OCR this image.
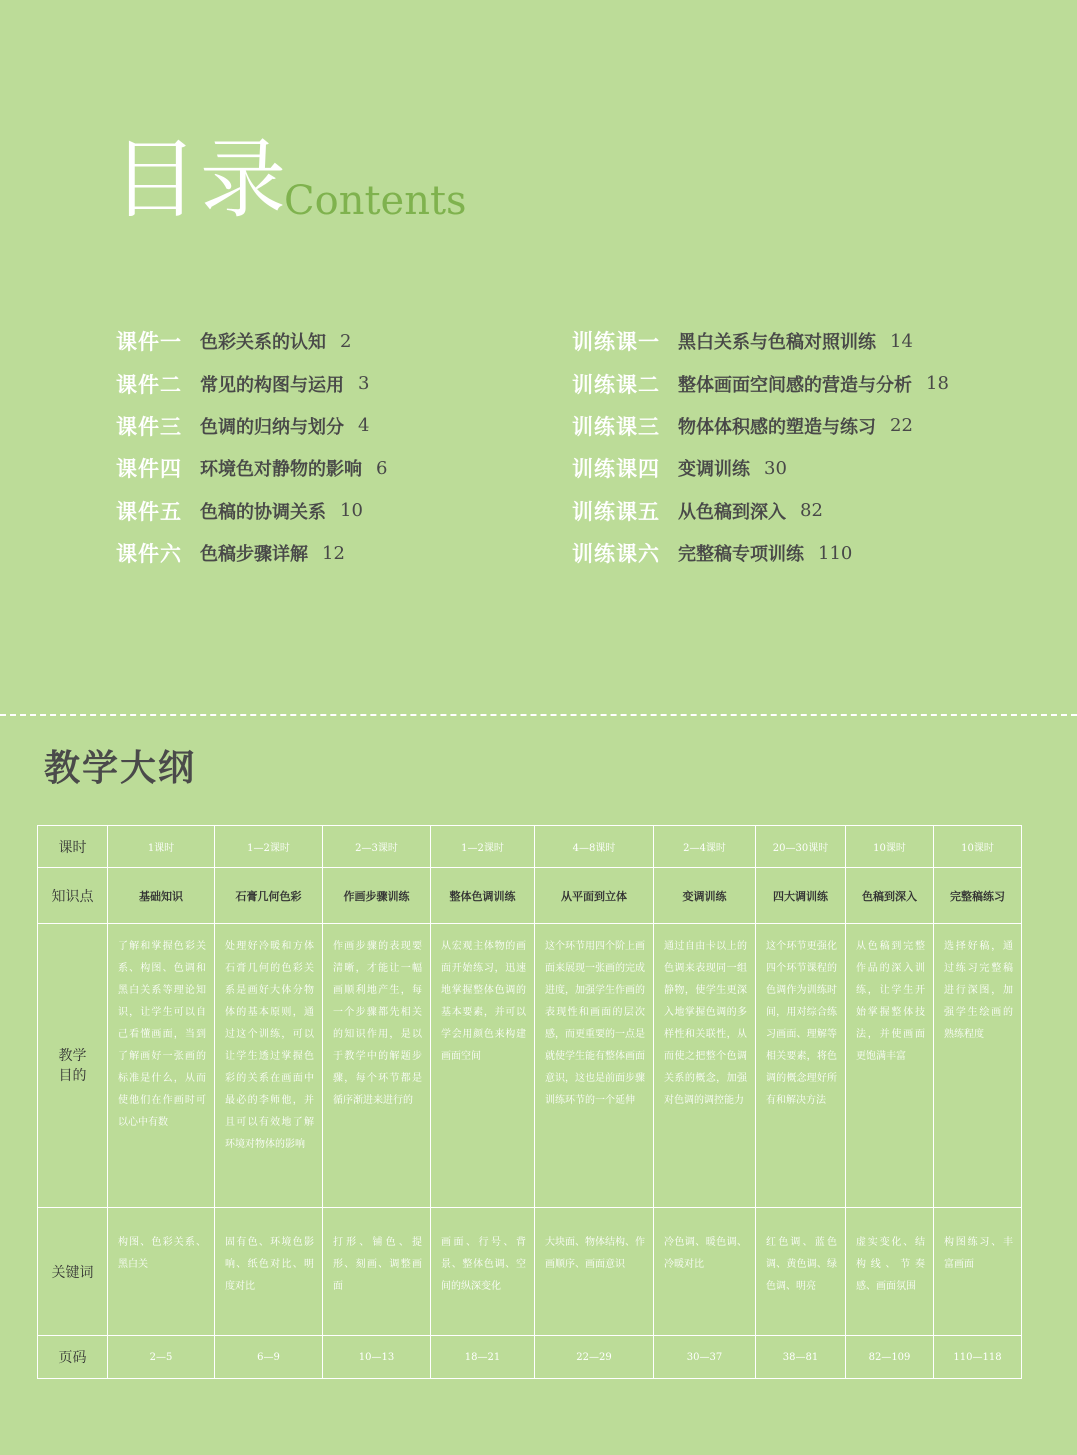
目录
Contents
课件一 色彩关系的认知 2
课件二 常见的构图与运用 3
课件三 色调的归纳与划分 4
课件四 环境色对静物的影响 6
课件五 色稿的协调关系 10
课件六 色稿步骤详解 12
训练课一 黑白关系与色稿对照训练 14
训练课二 整体画面空间感的营造与分析 18
训练课三 物体体积感的塑造与练习 22
训练课四 变调训练 30
训练课五 从色稿到深入 82
训练课六 完整稿专项训练 110
教学大纲
课时	1课时	1—2课时	2—3课时	1—2课时	4—8课时	2—4课时	20—30课时	10课时	10课时
知识点	基础知识	石膏几何色彩	作画步骤训练	整体色调训练	从平面到立体	变调训练	四大调训练	色稿到深入	完整稿练习

教学目的	了解和掌握色彩关系、构图、色调和黑白关系等理论知识，让学生可以自己看懂画面，当到了解画好一张画的标准是什么，从而使他们在作画时可以心中有数	处理好冷暖和方体石膏几何的色彩关系是画好大体分物体的基本原则，通过这个训练，可以让学生透过掌握色彩的关系在画面中最必的李师他，并且可以有效地了解环境对物体的影响	作画步骤的表现要清晰，才能让一幅画顺利地产生，每一个步骤都先相关的知识作用，是以于教学中的解题步骤，每个环节都是循序渐进来进行的	从宏观主体物的画面开始练习，迅速地掌握整体色调的基本要素，并可以学会用颜色来构建画面空间	这个环节用四个阶上画面来展现一张画的完成进度，加强学生作画的表现性和画面的层次感，而更重要的一点是就使学生能有整体画面意识，这也是前面步骤训练环节的一个延伸	通过自由卡以上的色调来表现同一组静物，使学生更深入地掌握色调的多样性和关联性，从而使之把整个色调关系的概念，加强对色调的调控能力	这个环节更强化四个环节课程的色调作为训练时间，用对综合练习画面、理解等相关要素，将色调的概念理好所有和解决方法	从色稿到完整作品的深入训练，让学生开始掌握整体技法，并使画面更饱满丰富	选择好稿，通过练习完整稿进行深图，加强学生绘画的熟练程度
关键词	构图、色彩关系、黑白关	固有色、环境色影响、纸色对比、明度对比	打形、铺色、提形、刻画、调整画面	画面、行号、背景、整体色调、空间的纵深变化	大块面、物体结构、作画顺序、画面意识	冷色调、暖色调、冷暖对比	红色调、蓝色调、黄色调、绿色调、明亮	虚实变化、结构线、节奏感、画面氛围	构图练习、丰富画面
页码	2—5	6—9	10—13	18—21	22—29	30—37	38—81	82—109	110—118
